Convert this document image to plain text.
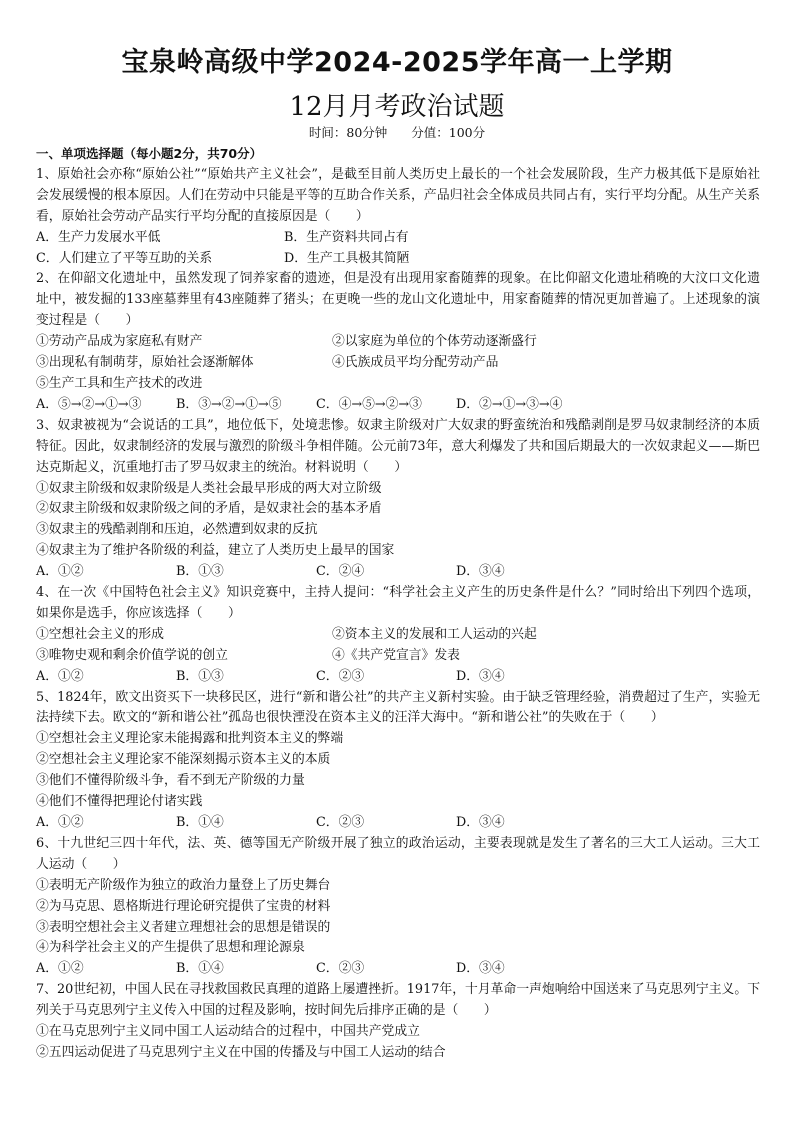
宝泉岭高级中学2024-2025学年高一上学期
12月月考政治试题
时间：80分钟 分值：100分
一、单项选择题（每小题2分，共70分）
1、原始社会亦称“原始公社”“原始共产主义社会”，是截至目前人类历史上最长的一个社会发展阶段，生产力极其低下是原始社会发展缓慢的根本原因。人们在劳动中只能是平等的互助合作关系，产品归社会全体成员共同占有，实行平均分配。从生产关系看，原始社会劳动产品实行平均分配的直接原因是（　　）
A．生产力发展水平低	B．生产资料共同占有
C．人们建立了平等互助的关系	D．生产工具极其简陋
2、在仰韶文化遗址中，虽然发现了饲养家畜的遗迹，但是没有出现用家畜随葬的现象。在比仰韶文化遗址稍晚的大汶口文化遗址中，被发掘的133座墓葬里有43座随葬了猪头；在更晚一些的龙山文化遗址中，用家畜随葬的情况更加普遍了。上述现象的演变过程是（　　）
①劳动产品成为家庭私有财产	②以家庭为单位的个体劳动逐渐盛行
③出现私有制萌芽，原始社会逐渐解体	④氏族成员平均分配劳动产品
⑤生产工具和生产技术的改进
A．⑤→②→①→③	B．③→②→①→⑤	C．④→⑤→②→③	D．②→①→③→④
3、奴隶被视为“会说话的工具”，地位低下，处境悲惨。奴隶主阶级对广大奴隶的野蛮统治和残酷剥削是罗马奴隶制经济的本质特征。因此，奴隶制经济的发展与激烈的阶级斗争相伴随。公元前73年，意大利爆发了共和国后期最大的一次奴隶起义——斯巴达克斯起义，沉重地打击了罗马奴隶主的统治。材料说明（　　）
①奴隶主阶级和奴隶阶级是人类社会最早形成的两大对立阶级
②奴隶主阶级和奴隶阶级之间的矛盾，是奴隶社会的基本矛盾
③奴隶主的残酷剥削和压迫，必然遭到奴隶的反抗
④奴隶主为了维护各阶级的利益，建立了人类历史上最早的国家
A．①②	B．①③	C．②④	D．③④
4、在一次《中国特色社会主义》知识竞赛中，主持人提问：“科学社会主义产生的历史条件是什么？”同时给出下列四个选项，如果你是选手，你应该选择（　　）
①空想社会主义的形成	②资本主义的发展和工人运动的兴起
③唯物史观和剩余价值学说的创立	④《共产党宣言》发表
A．①②	B．①③	C．②③	D．③④
5、1824年，欧文出资买下一块移民区，进行“新和谐公社”的共产主义新村实验。由于缺乏管理经验，消费超过了生产，实验无法持续下去。欧文的“新和谐公社”孤岛也很快湮没在资本主义的汪洋大海中。“新和谐公社”的失败在于（　　）
①空想社会主义理论家未能揭露和批判资本主义的弊端
②空想社会主义理论家不能深刻揭示资本主义的本质
③他们不懂得阶级斗争，看不到无产阶级的力量
④他们不懂得把理论付诸实践
A．①②	B．①④	C．②③	D．③④
6、十九世纪三四十年代，法、英、德等国无产阶级开展了独立的政治运动，主要表现就是发生了著名的三大工人运动。三大工人运动（　　）
①表明无产阶级作为独立的政治力量登上了历史舞台
②为马克思、恩格斯进行理论研究提供了宝贵的材料
③表明空想社会主义者建立理想社会的思想是错误的
④为科学社会主义的产生提供了思想和理论源泉
A．①②	B．①④	C．②③	D．③④
7、20世纪初，中国人民在寻找救国救民真理的道路上屡遭挫折。1917年，十月革命一声炮响给中国送来了马克思列宁主义。下列关于马克思列宁主义传入中国的过程及影响，按时间先后排序正确的是（　　）
①在马克思列宁主义同中国工人运动结合的过程中，中国共产党成立
②五四运动促进了马克思列宁主义在中国的传播及与中国工人运动的结合
